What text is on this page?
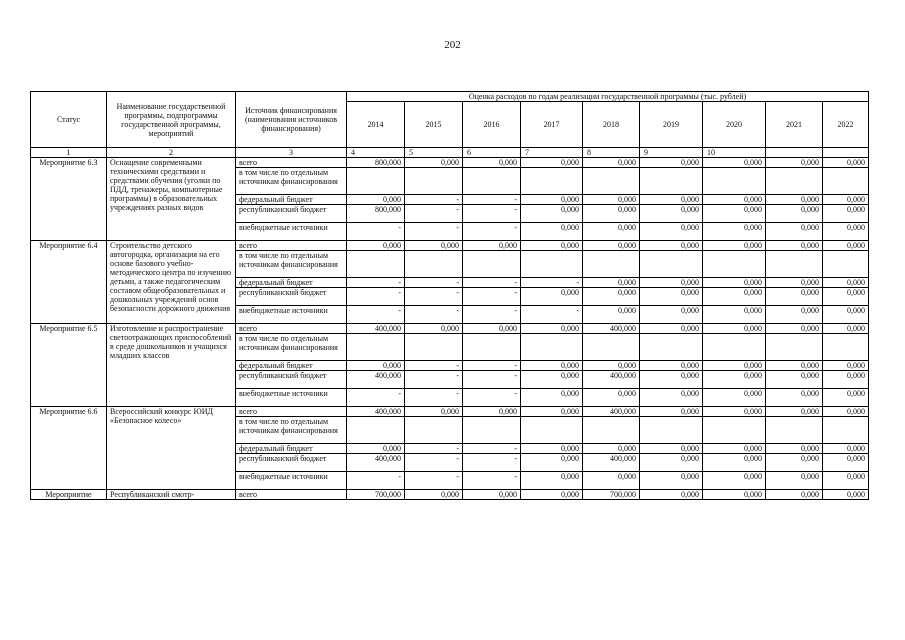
202
Статус	Наименование государственной программы, подпрограммы государственной программы, мероприятий	Источник финансирования (наименования источников финансирования)	Оценка расходов по годам реализации государственной программы (тыс. рублей)								
			2014	2015	2016	2017	2018	2019	2020	2021	2022
1	2	3	4	5	6	7	8	9	10		
Мероприятие 6.3	Оснащение современными техническими средствами и средствами обучения (уголки по ПДД, тренажеры, компьютерные программы) в образовательных учреждениях разных видов	всего	800,000	0,000	0,000	0,000	0,000	0,000	0,000	0,000	0,000
		в том числе по отдельным источникам финансирования									
		федеральный бюджет	0,000	-	-	0,000	0,000	0,000	0,000	0,000	0,000
		республиканский бюджет	800,000	-	-	0,000	0,000	0,000	0,000	0,000	0,000
		внебюджетные источники	-	-	-	0,000	0,000	0,000	0,000	0,000	0,000
Мероприятие 6.4	Строительство детского автогородка, организация на его основе базового учебно-методического центра по изучению детьми, а также педагогическим составом общеобразовательных и дошкольных учреждений основ безопасности дорожного движения	всего	0,000	0,000	0,000	0,000	0,000	0,000	0,000	0,000	0,000
		в том числе по отдельным источникам финансирования									
		федеральный бюджет	-	-	-	-	0,000	0,000	0,000	0,000	0,000
		республиканский бюджет	-	-	-	0,000	0,000	0,000	0,000	0,000	0,000
		внебюджетные источники	-	-	-	-	0,000	0,000	0,000	0,000	0,000
Мероприятие 6.5	Изготовление и распространение светоотражающих приспособлений в среде дошкольников и учащихся младших классов	всего	400,000	0,000	0,000	0,000	400,000	0,000	0,000	0,000	0,000
		в том числе по отдельным источникам финансирования									
		федеральный бюджет	0,000	-	-	0,000	0,000	0,000	0,000	0,000	0,000
		республиканский бюджет	400,000	-	-	0,000	400,000	0,000	0,000	0,000	0,000
		внебюджетные источники	-	-	-	0,000	0,000	0,000	0,000	0,000	0,000
Мероприятие 6.6	Всероссийский конкурс ЮИД «Безопасное колесо»	всего	400,000	0,000	0,000	0,000	400,000	0,000	0,000	0,000	0,000
		в том числе по отдельным источникам финансирования									
		федеральный бюджет	0,000	-	-	0,000	0,000	0,000	0,000	0,000	0,000
		республиканский бюджет	400,000	-	-	0,000	400,000	0,000	0,000	0,000	0,000
		внебюджетные источники	-	-	-	0,000	0,000	0,000	0,000	0,000	0,000
Мероприятие	Республиканский смотр-	всего	700,000	0,000	0,000	0,000	700,000	0,000	0,000	0,000	0,000
